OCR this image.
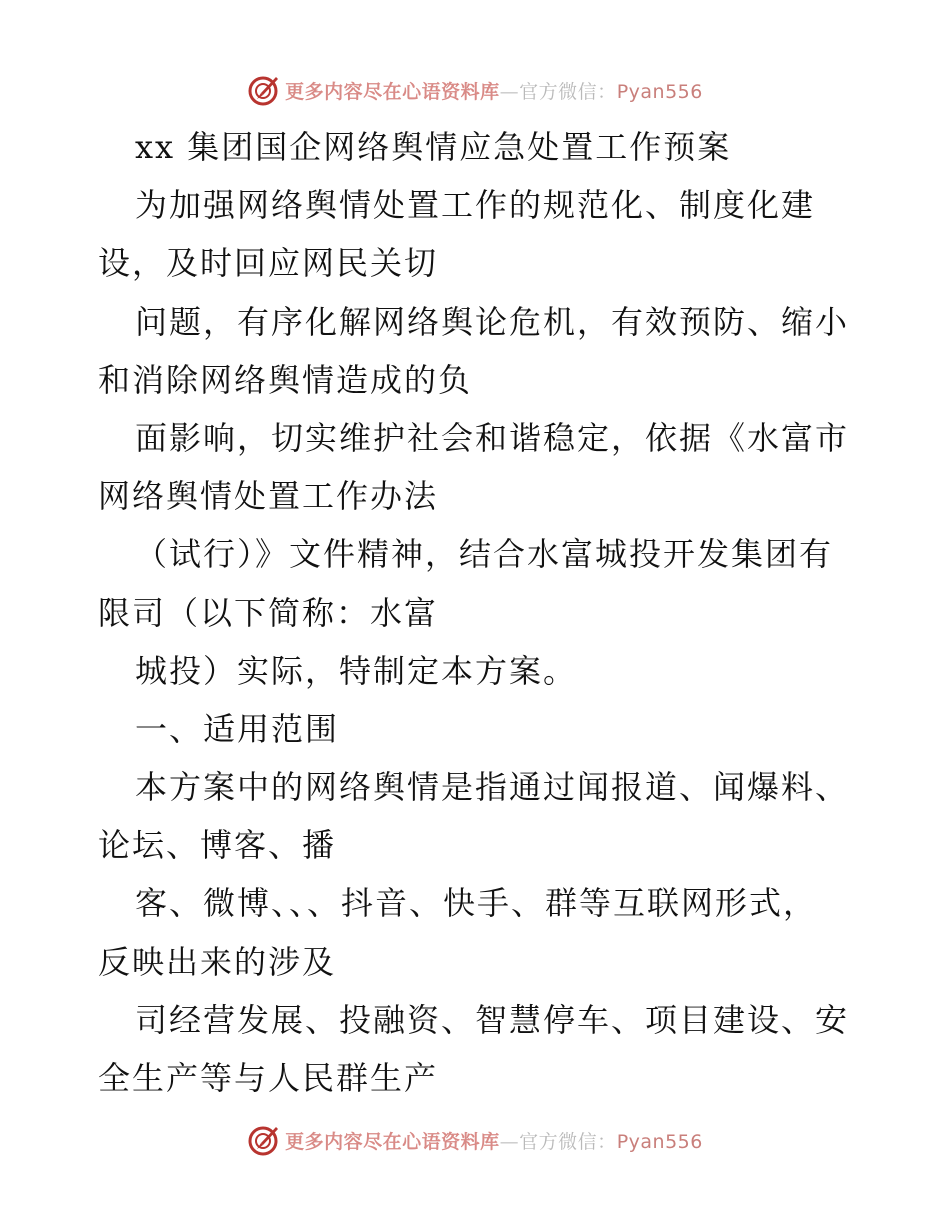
更多内容尽在心语资料库—官方微信：Pyan556
xx 集团国企网络舆情应急处置工作预案
为加强网络舆情处置工作的规范化、制度化建
设，及时回应网民关切
问题，有序化解网络舆论危机，有效预防、缩小
和消除网络舆情造成的负
面影响，切实维护社会和谐稳定，依据《水富市
网络舆情处置工作办法
（试行）》文件精神，结合水富城投开发集团有
限司（以下简称：水富
城投）实际，特制定本方案。
一、适用范围
本方案中的网络舆情是指通过闻报道、闻爆料、
论坛、博客、播
客、微博、、、抖音、快手、群等互联网形式，
反映出来的涉及
司经营发展、投融资、智慧停车、项目建设、安
全生产等与人民群生产
更多内容尽在心语资料库—官方微信：Pyan556
